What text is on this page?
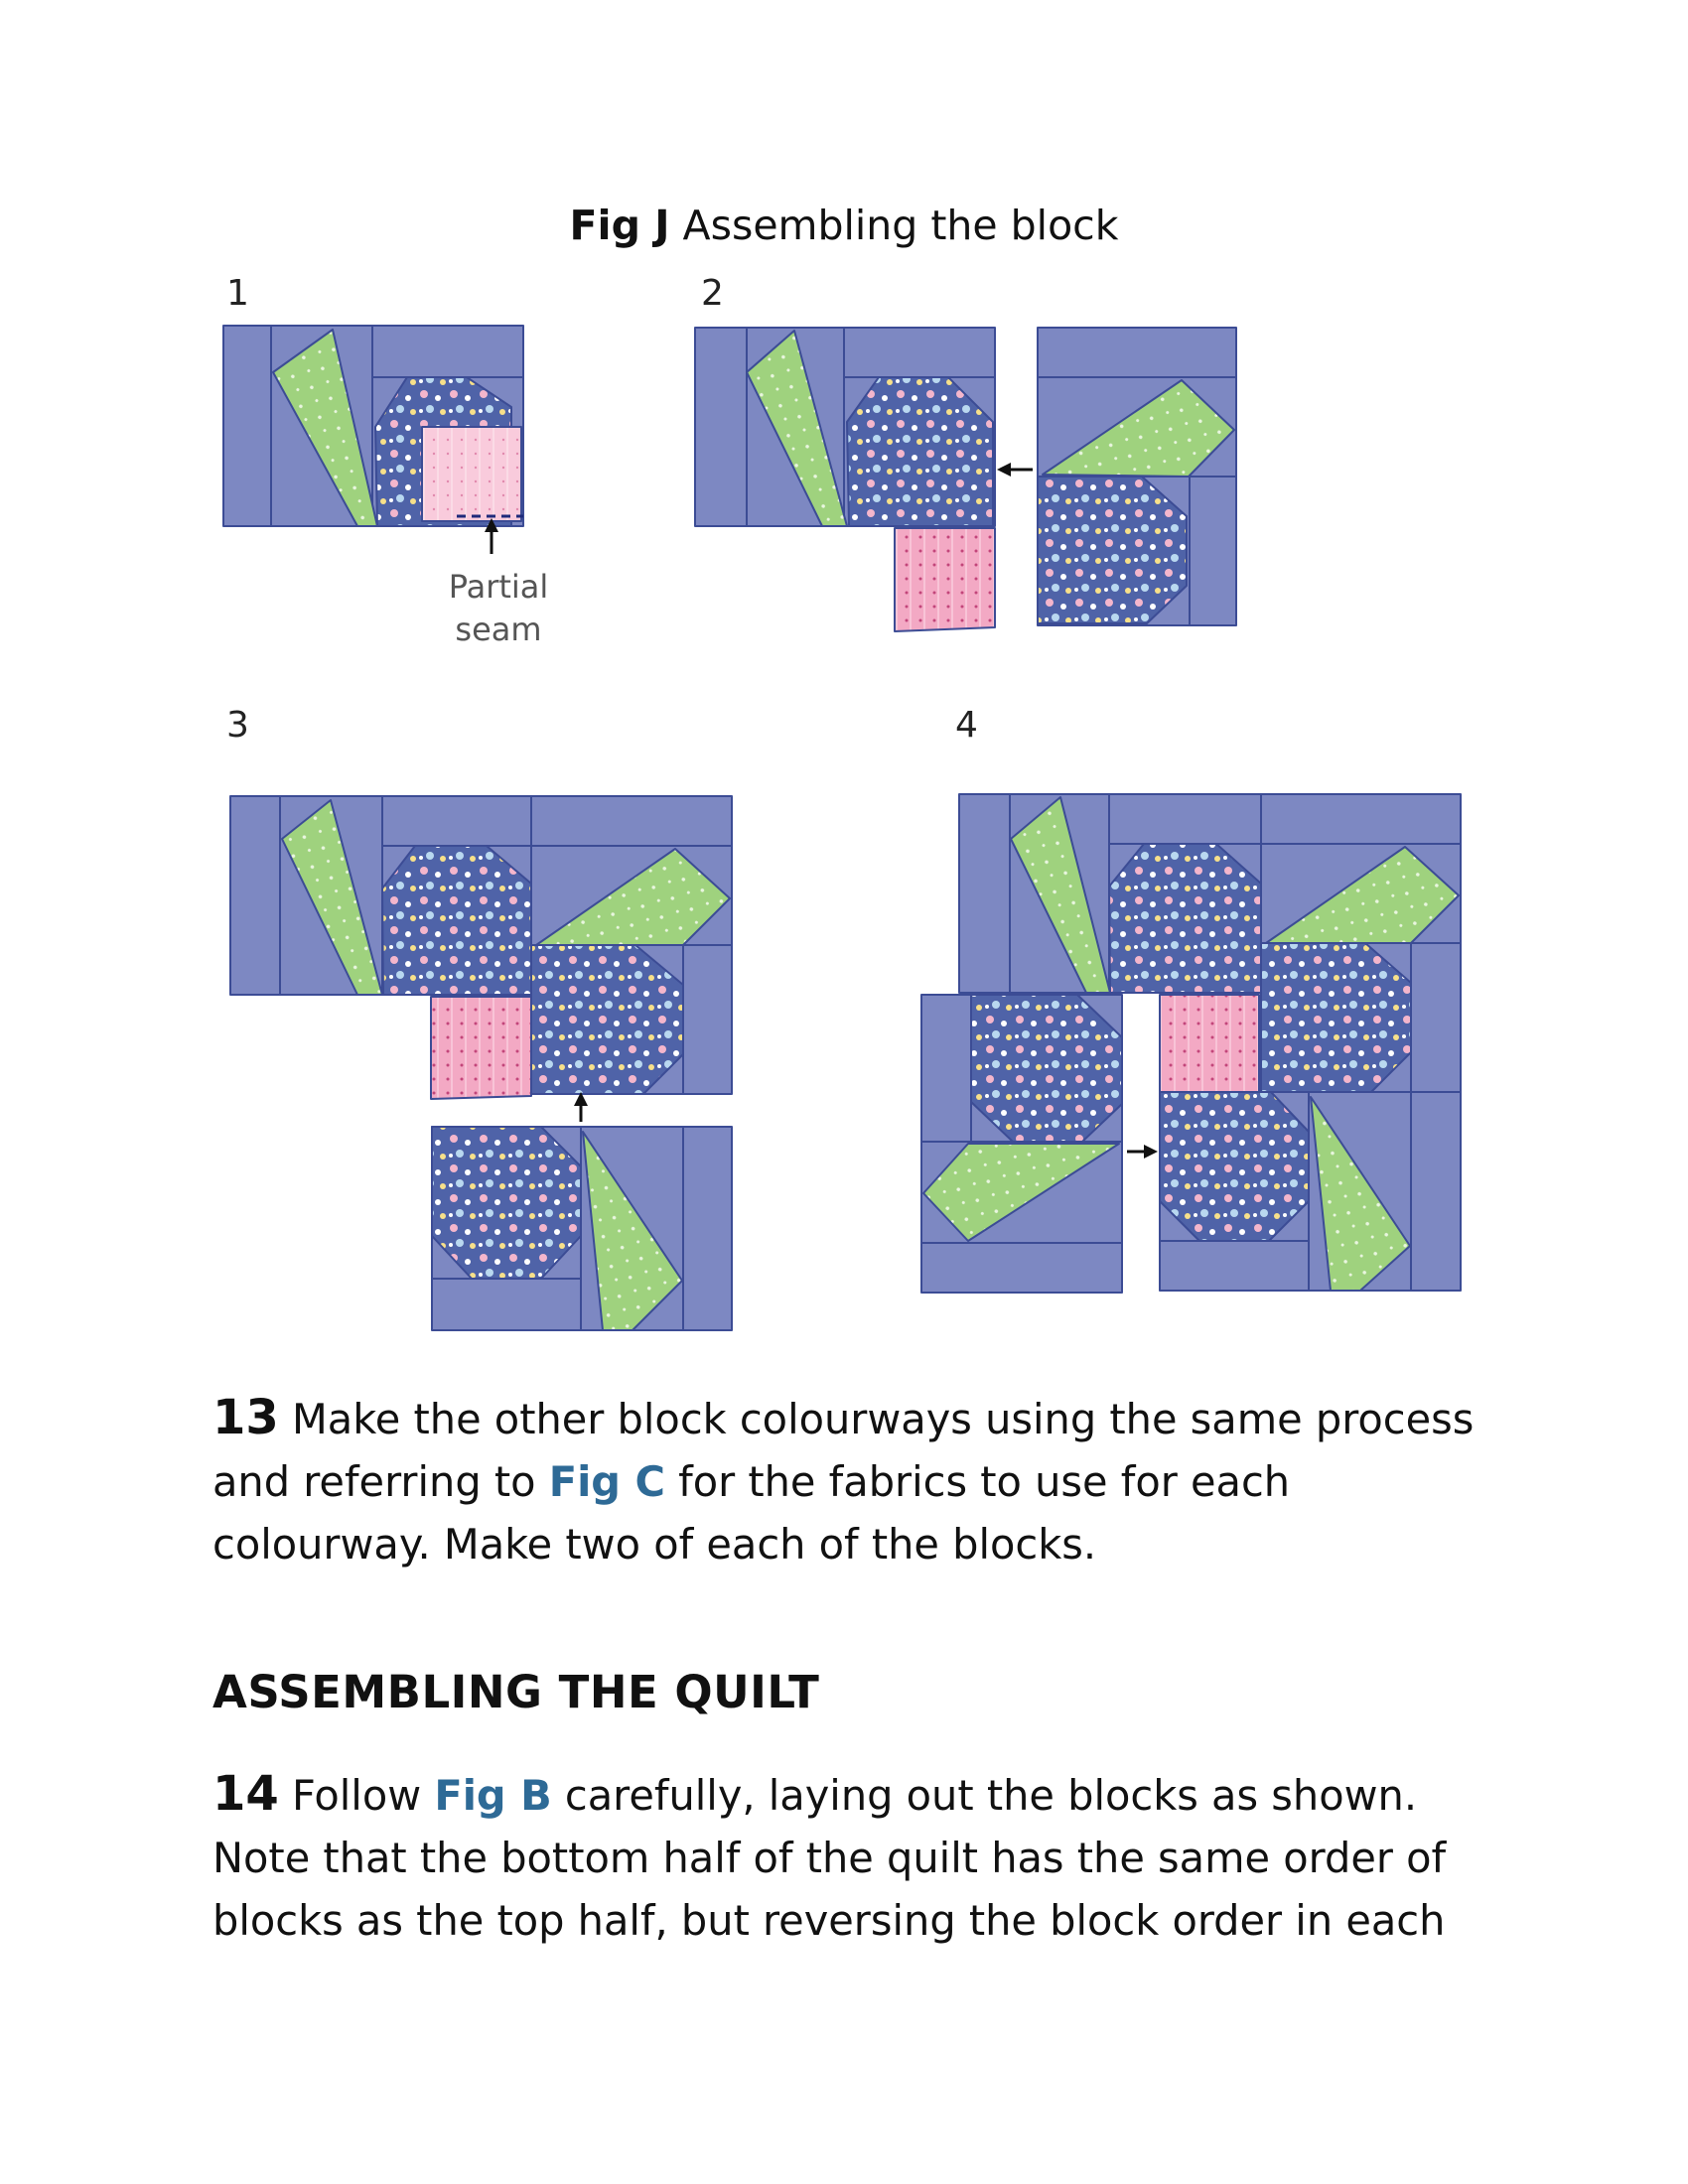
Fig J Assembling the block
1	2
3	4
Partial
seam
13 Make the other block colourways using the same process and referring to Fig C for the fabrics to use for each colourway. Make two of each of the blocks.
ASSEMBLING THE QUILT
14 Follow Fig B carefully, laying out the blocks as shown. Note that the bottom half of the quilt has the same order of blocks as the top half, but reversing the block order in each
